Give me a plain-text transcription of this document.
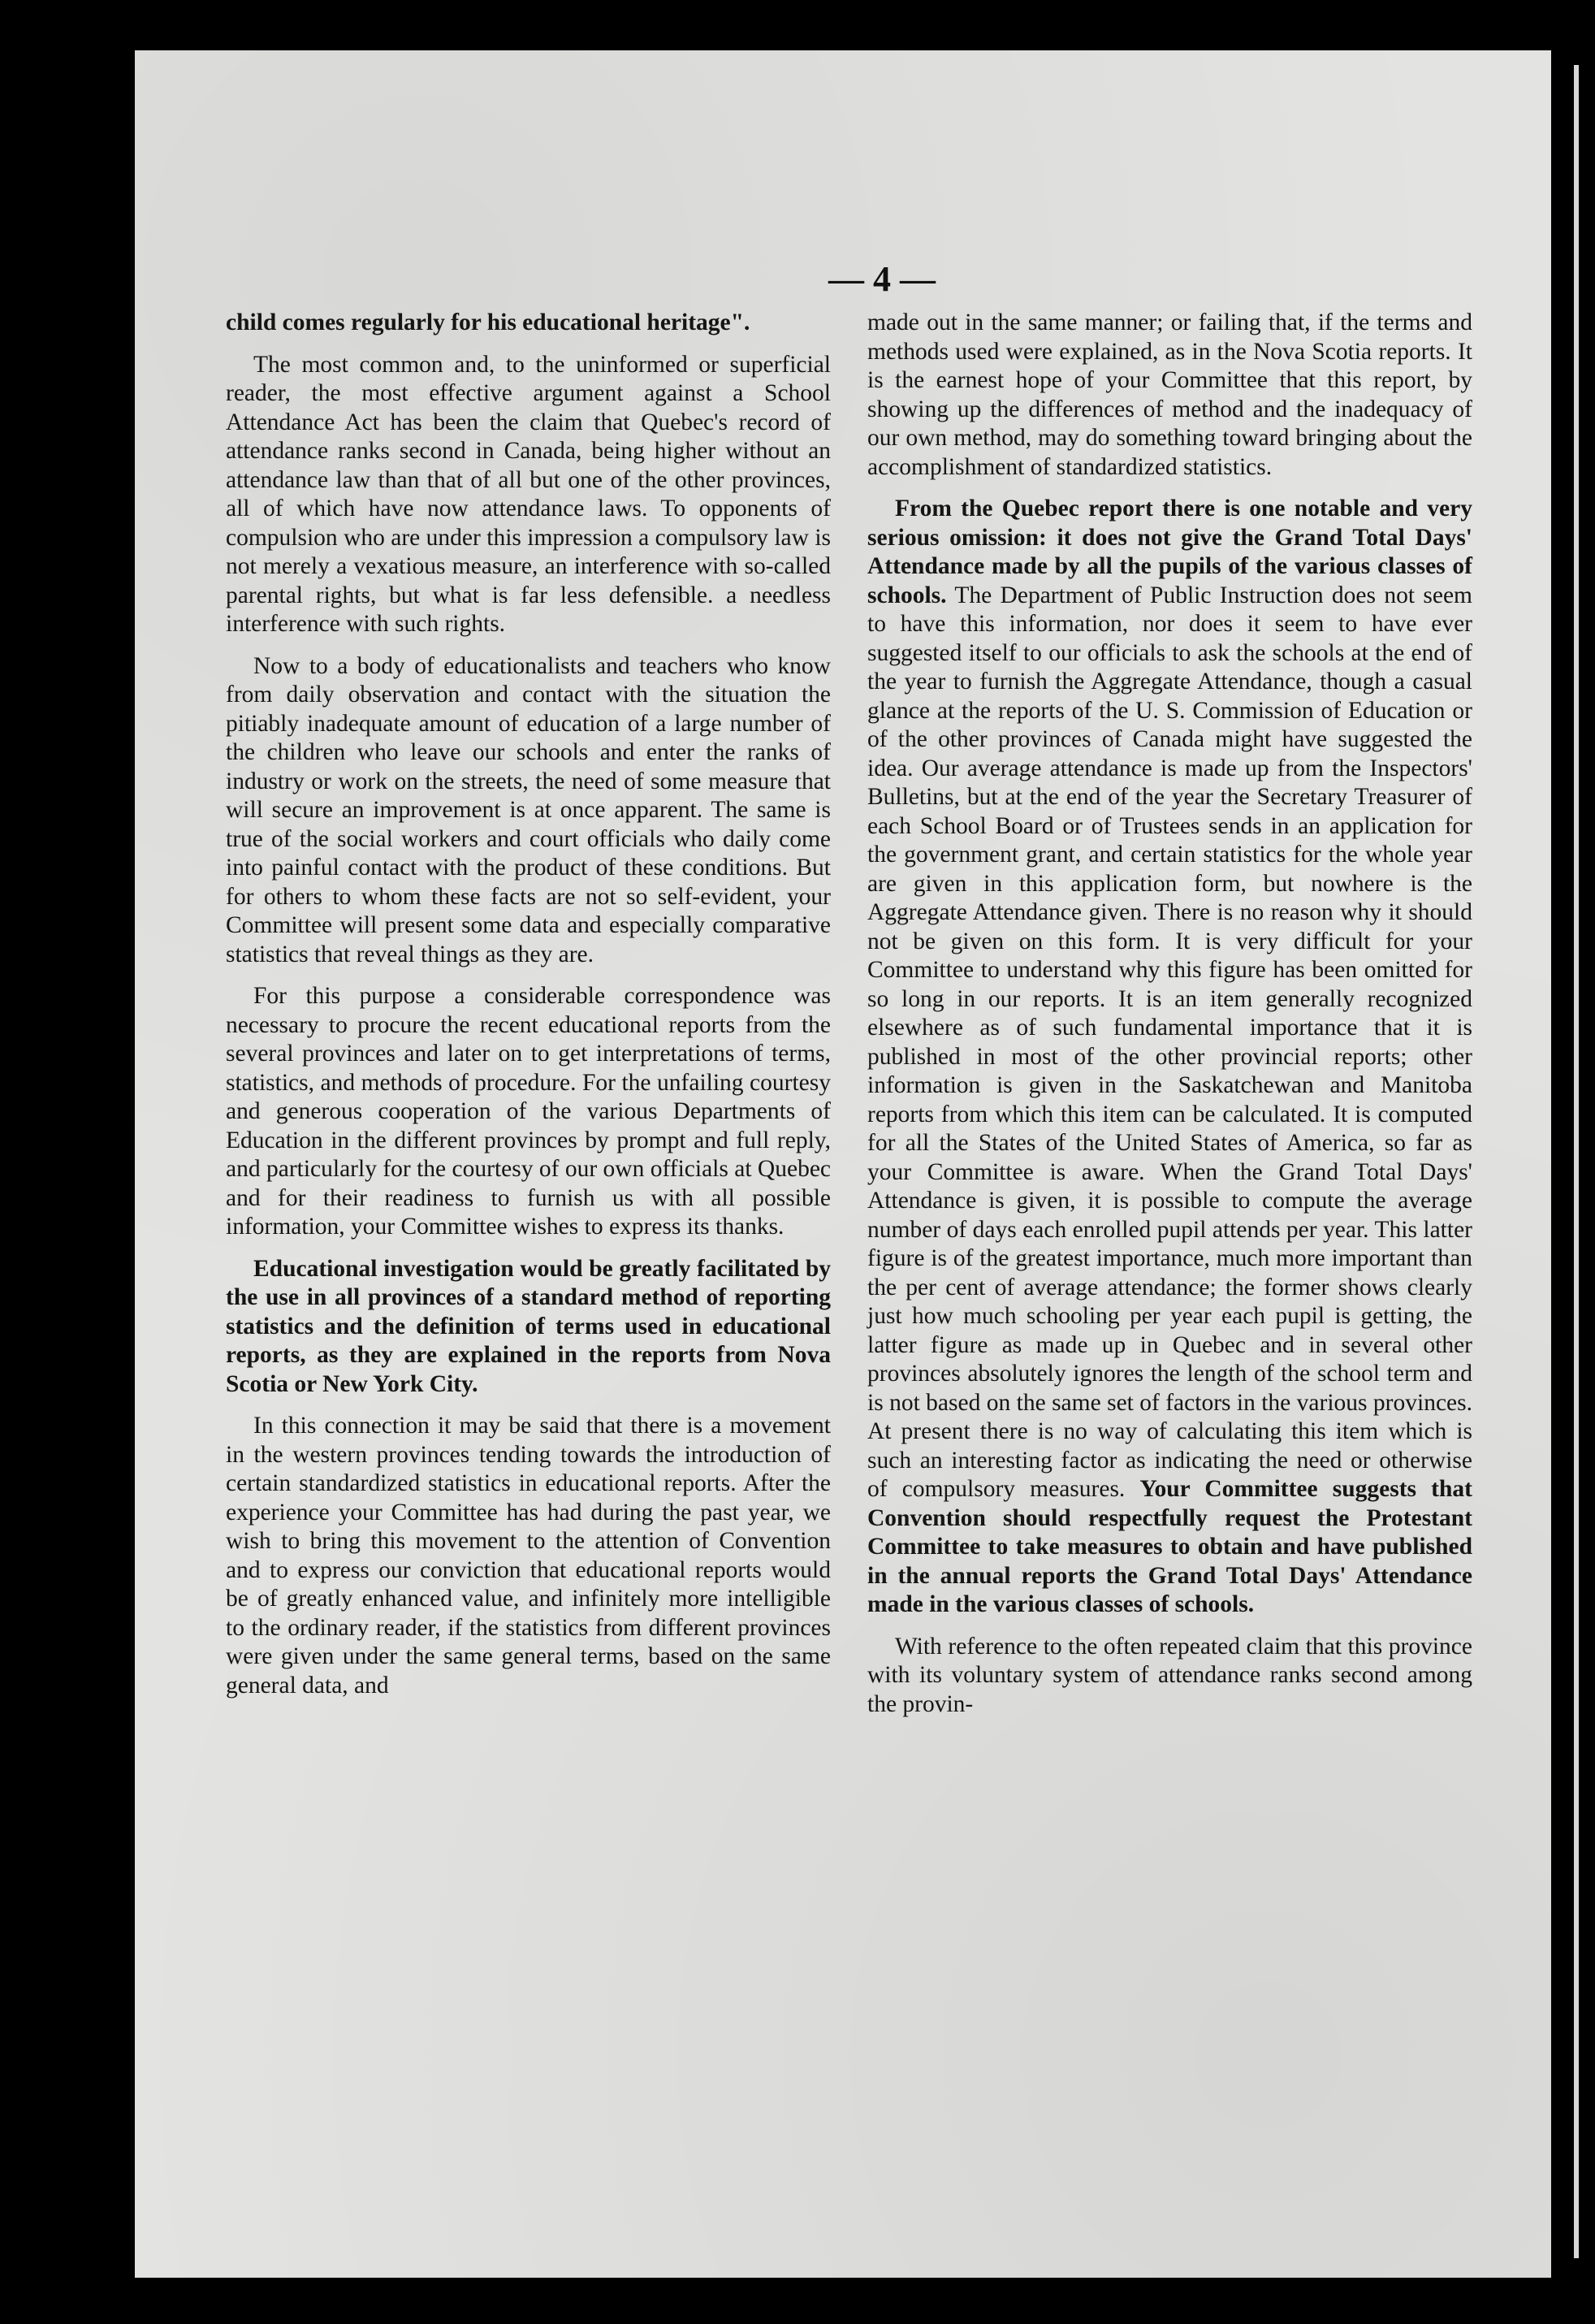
— 4 —

child comes regularly for his educational heritage".

The most common and, to the uninformed or superficial reader, the most effective argument against a School Attendance Act has been the claim that Quebec's record of attendance ranks second in Canada, being higher without an attendance law than that of all but one of the other provinces, all of which have now attendance laws. To opponents of compulsion who are under this impression a compulsory law is not merely a vexatious measure, an interference with so-called parental rights, but what is far less defensible. a needless interference with such rights.

Now to a body of educationalists and teachers who know from daily observation and contact with the situation the pitiably inadequate amount of education of a large number of the children who leave our schools and enter the ranks of industry or work on the streets, the need of some measure that will secure an improvement is at once apparent. The same is true of the social workers and court officials who daily come into painful contact with the product of these conditions. But for others to whom these facts are not so self-evident, your Committee will present some data and especially comparative statistics that reveal things as they are.

For this purpose a considerable correspondence was necessary to procure the recent educational reports from the several provinces and later on to get interpretations of terms, statistics, and methods of procedure. For the unfailing courtesy and generous cooperation of the various Departments of Education in the different provinces by prompt and full reply, and particularly for the courtesy of our own officials at Quebec and for their readiness to furnish us with all possible information, your Committee wishes to express its thanks.

Educational investigation would be greatly facilitated by the use in all provinces of a standard method of reporting statistics and the definition of terms used in educational reports, as they are explained in the reports from Nova Scotia or New York City.

In this connection it may be said that there is a movement in the western provinces tending towards the introduction of certain standardized statistics in educational reports. After the experience your Committee has had during the past year, we wish to bring this movement to the attention of Convention and to express our conviction that educational reports would be of greatly enhanced value, and infinitely more intelligible to the ordinary reader, if the statistics from different provinces were given under the same general terms, based on the same general data, and

made out in the same manner; or failing that, if the terms and methods used were explained, as in the Nova Scotia reports. It is the earnest hope of your Committee that this report, by showing up the differences of method and the inadequacy of our own method, may do something toward bringing about the accomplishment of standardized statistics.

From the Quebec report there is one notable and very serious omission: it does not give the Grand Total Days' Attendance made by all the pupils of the various classes of schools. The Department of Public Instruction does not seem to have this information, nor does it seem to have ever suggested itself to our officials to ask the schools at the end of the year to furnish the Aggregate Attendance, though a casual glance at the reports of the U. S. Commission of Education or of the other provinces of Canada might have suggested the idea. Our average attendance is made up from the Inspectors' Bulletins, but at the end of the year the Secretary Treasurer of each School Board or of Trustees sends in an application for the government grant, and certain statistics for the whole year are given in this application form, but nowhere is the Aggregate Attendance given. There is no reason why it should not be given on this form. It is very difficult for your Committee to understand why this figure has been omitted for so long in our reports. It is an item generally recognized elsewhere as of such fundamental importance that it is published in most of the other provincial reports; other information is given in the Saskatchewan and Manitoba reports from which this item can be calculated. It is computed for all the States of the United States of America, so far as your Committee is aware. When the Grand Total Days' Attendance is given, it is possible to compute the average number of days each enrolled pupil attends per year. This latter figure is of the greatest importance, much more important than the per cent of average attendance; the former shows clearly just how much schooling per year each pupil is getting, the latter figure as made up in Quebec and in several other provinces absolutely ignores the length of the school term and is not based on the same set of factors in the various provinces. At present there is no way of calculating this item which is such an interesting factor as indicating the need or otherwise of compulsory measures. Your Committee suggests that Convention should respectfully request the Protestant Committee to take measures to obtain and have published in the annual reports the Grand Total Days' Attendance made in the various classes of schools.

With reference to the often repeated claim that this province with its voluntary system of attendance ranks second among the provin-
